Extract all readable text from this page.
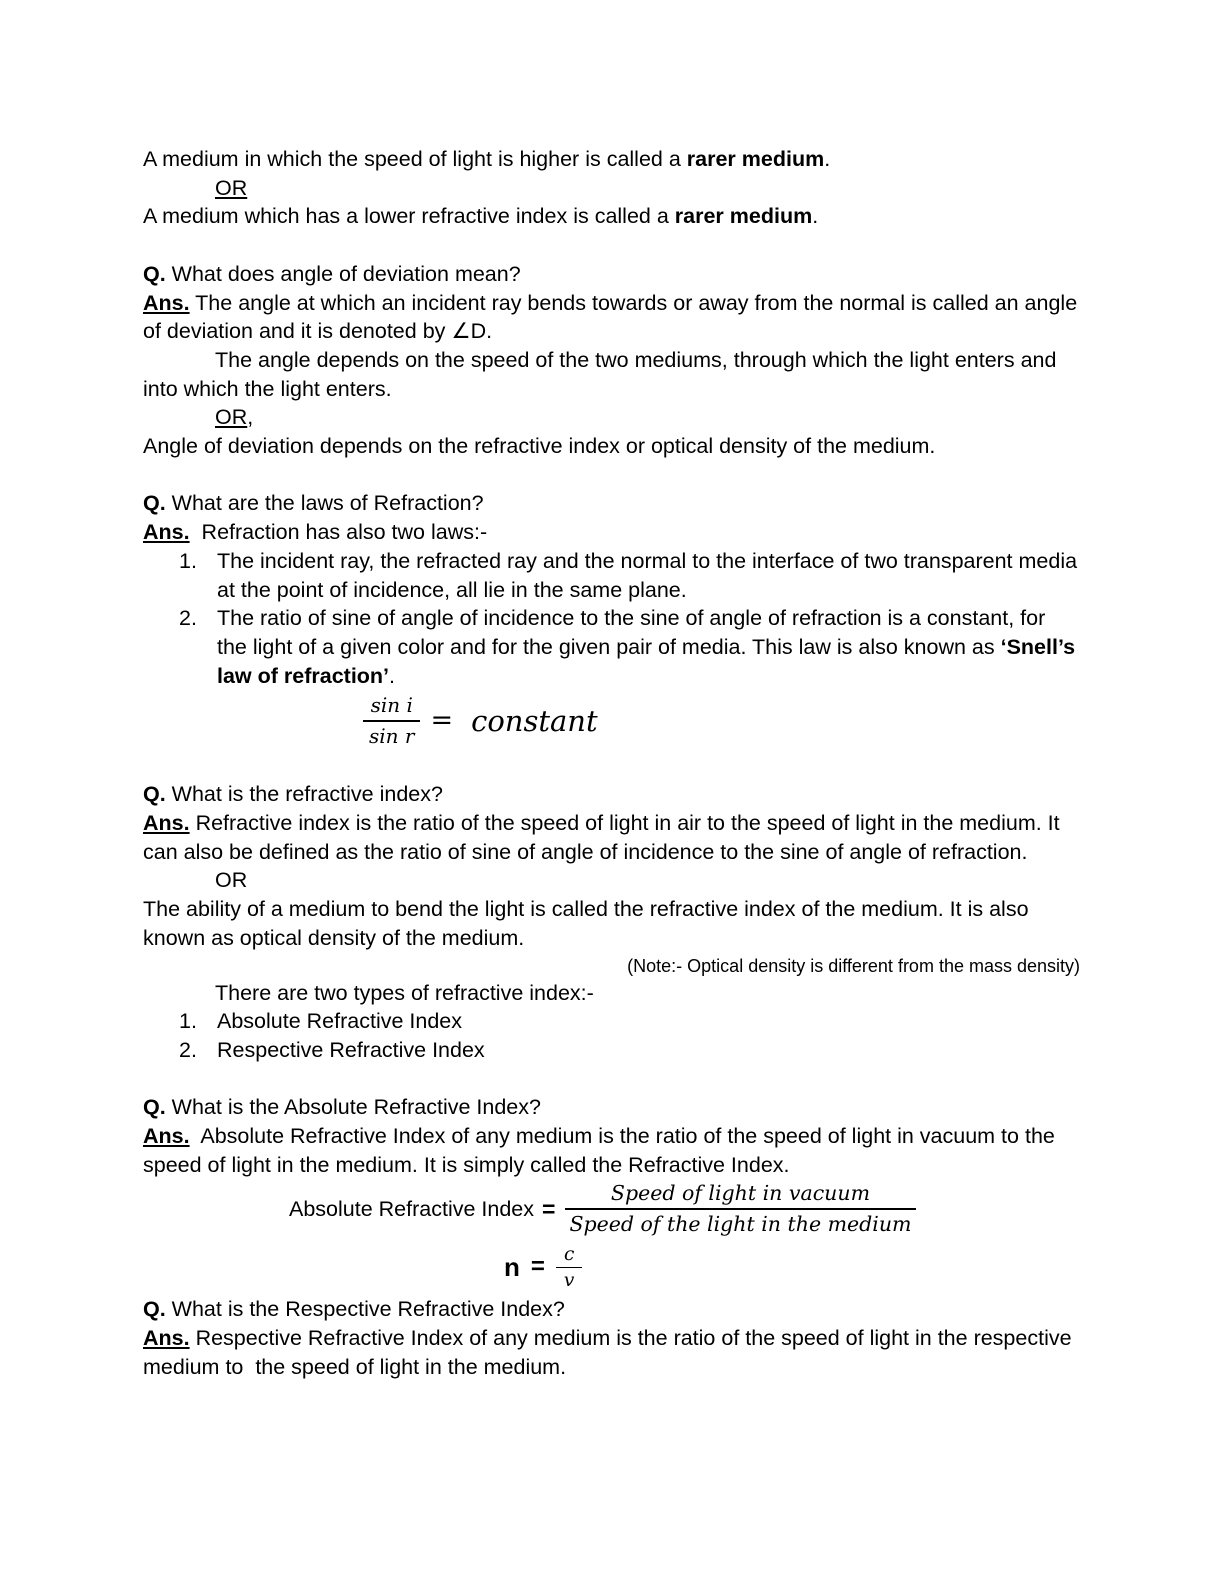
A medium in which the speed of light is higher is called a rarer medium.

OR

A medium which has a lower refractive index is called a rarer medium.

Q. What does angle of deviation mean?

Ans. The angle at which an incident ray bends towards or away from the normal is called an angle of deviation and it is denoted by ∠D.

The angle depends on the speed of the two mediums, through which the light enters and into which the light enters.

OR,

Angle of deviation depends on the refractive index or optical density of the medium.

Q. What are the laws of Refraction?

Ans.  Refraction has also two laws:-

1. The incident ray, the refracted ray and the normal to the interface of two transparent media at the point of incidence, all lie in the same plane.
2. The ratio of sine of angle of incidence to the sine of angle of refraction is a constant, for the light of a given color and for the given pair of media. This law is also known as ‘Snell’s law of refraction’.
$\frac{\text{sin i}}{\text{sin r}}$ = constant

Q. What is the refractive index?

Ans. Refractive index is the ratio of the speed of light in air to the speed of light in the medium. It can also be defined as the ratio of sine of angle of incidence to the sine of angle of refraction.

OR

The ability of a medium to bend the light is called the refractive index of the medium. It is also known as optical density of the medium.

(Note:- Optical density is different from the mass density)

There are two types of refractive index:-

1. Absolute Refractive Index
2. Respective Refractive Index

Q. What is the Absolute Refractive Index?

Ans.  Absolute Refractive Index of any medium is the ratio of the speed of light in vacuum to the speed of light in the medium. It is simply called the Refractive Index.

Absolute Refractive Index = $\frac{\text{Speed of light in vacuum}}{\text{Speed of the light in the medium}}$
$n = \frac{c}{v}$

Q. What is the Respective Refractive Index?

Ans. Respective Refractive Index of any medium is the ratio of the speed of light in the respective medium to  the speed of light in the medium.
